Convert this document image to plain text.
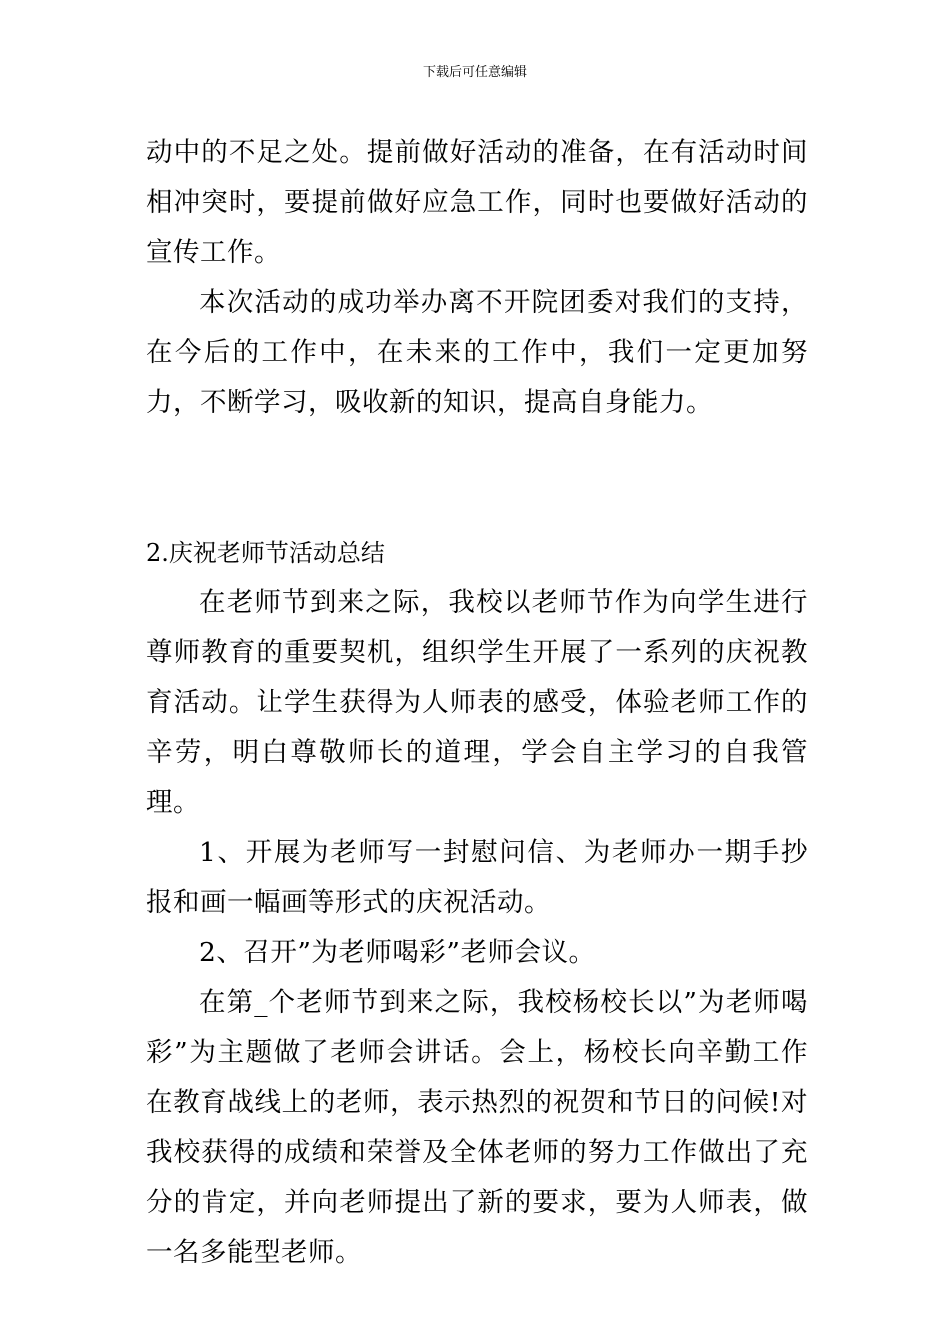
下载后可任意编辑

动中的不足之处。提前做好活动的准备，在有活动时间相冲突时，要提前做好应急工作，同时也要做好活动的宣传工作。

本次活动的成功举办离不开院团委对我们的支持，在今后的工作中，在未来的工作中，我们一定更加努力，不断学习，吸收新的知识，提高自身能力。

2.庆祝老师节活动总结

在老师节到来之际，我校以老师节作为向学生进行尊师教育的重要契机，组织学生开展了一系列的庆祝教育活动。让学生获得为人师表的感受，体验老师工作的辛劳，明白尊敬师长的道理，学会自主学习的自我管理。

1、开展为老师写一封慰问信、为老师办一期手抄报和画一幅画等形式的庆祝活动。

2、召开”为老师喝彩”老师会议。

在第_个老师节到来之际，我校杨校长以”为老师喝彩”为主题做了老师会讲话。会上，杨校长向辛勤工作在教育战线上的老师，表示热烈的祝贺和节日的问候!对我校获得的成绩和荣誉及全体老师的努力工作做出了充分的肯定，并向老师提出了新的要求，要为人师表，做一名多能型老师。
